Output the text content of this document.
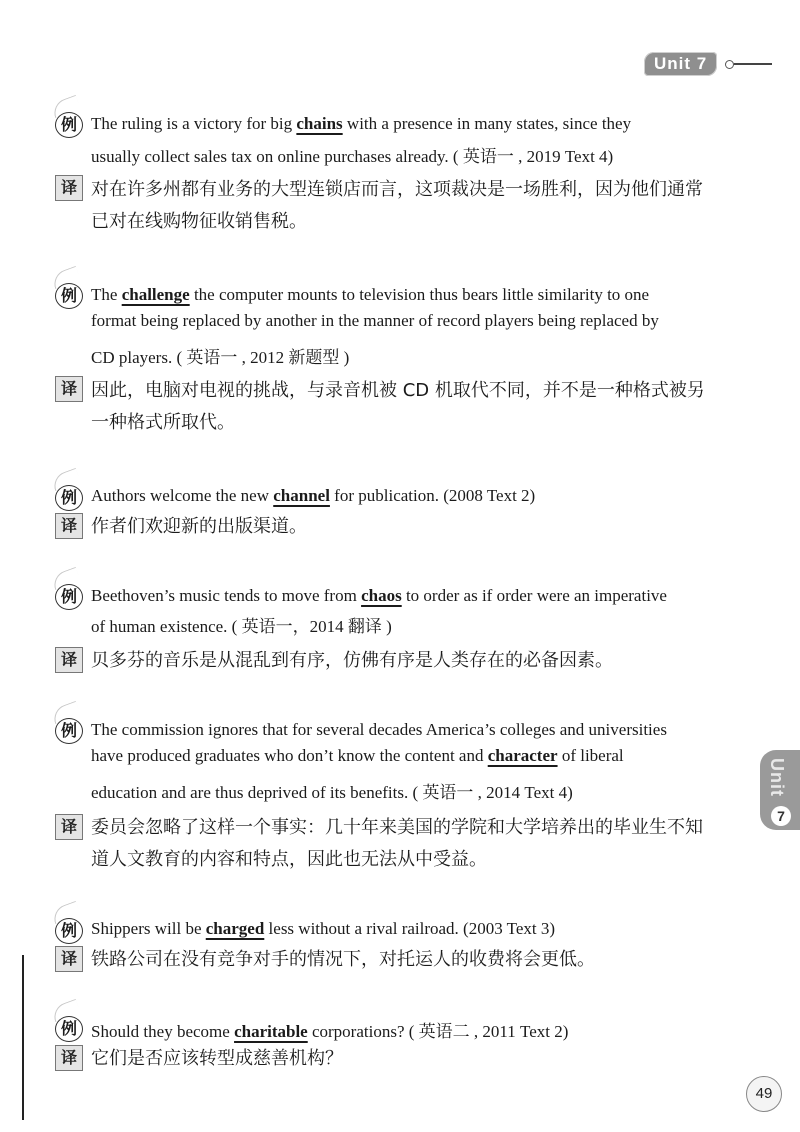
Unit 7
例 The ruling is a victory for big chains with a presence in many states, since they
usually collect sales tax on online purchases already. ( 英语一 , 2019 Text 4)
译 对在许多州都有业务的大型连锁店而言，这项裁决是一场胜利，因为他们通常
已对在线购物征收销售税。
例 The challenge the computer mounts to television thus bears little similarity to one
format being replaced by another in the manner of record players being replaced by
CD players. ( 英语一 , 2012 新题型 )
译 因此，电脑对电视的挑战，与录音机被 CD 机取代不同，并不是一种格式被另
一种格式所取代。
例 Authors welcome the new channel for publication. (2008 Text 2)
译 作者们欢迎新的出版渠道。
例 Beethoven’s music tends to move from chaos to order as if order were an imperative
of human existence. ( 英语一，2014 翻译 )
译 贝多芬的音乐是从混乱到有序，仿佛有序是人类存在的必备因素。
例 The commission ignores that for several decades America’s colleges and universities
have produced graduates who don’t know the content and character of liberal
education and are thus deprived of its benefits. ( 英语一 , 2014 Text 4)
译 委员会忽略了这样一个事实：几十年来美国的学院和大学培养出的毕业生不知
道人文教育的内容和特点，因此也无法从中受益。
例 Shippers will be charged less without a rival railroad. (2003 Text 3)
译 铁路公司在没有竞争对手的情况下，对托运人的收费将会更低。
例 Should they become charitable corporations? ( 英语二 , 2011 Text 2)
译 它们是否应该转型成慈善机构？
Unit
7
49
